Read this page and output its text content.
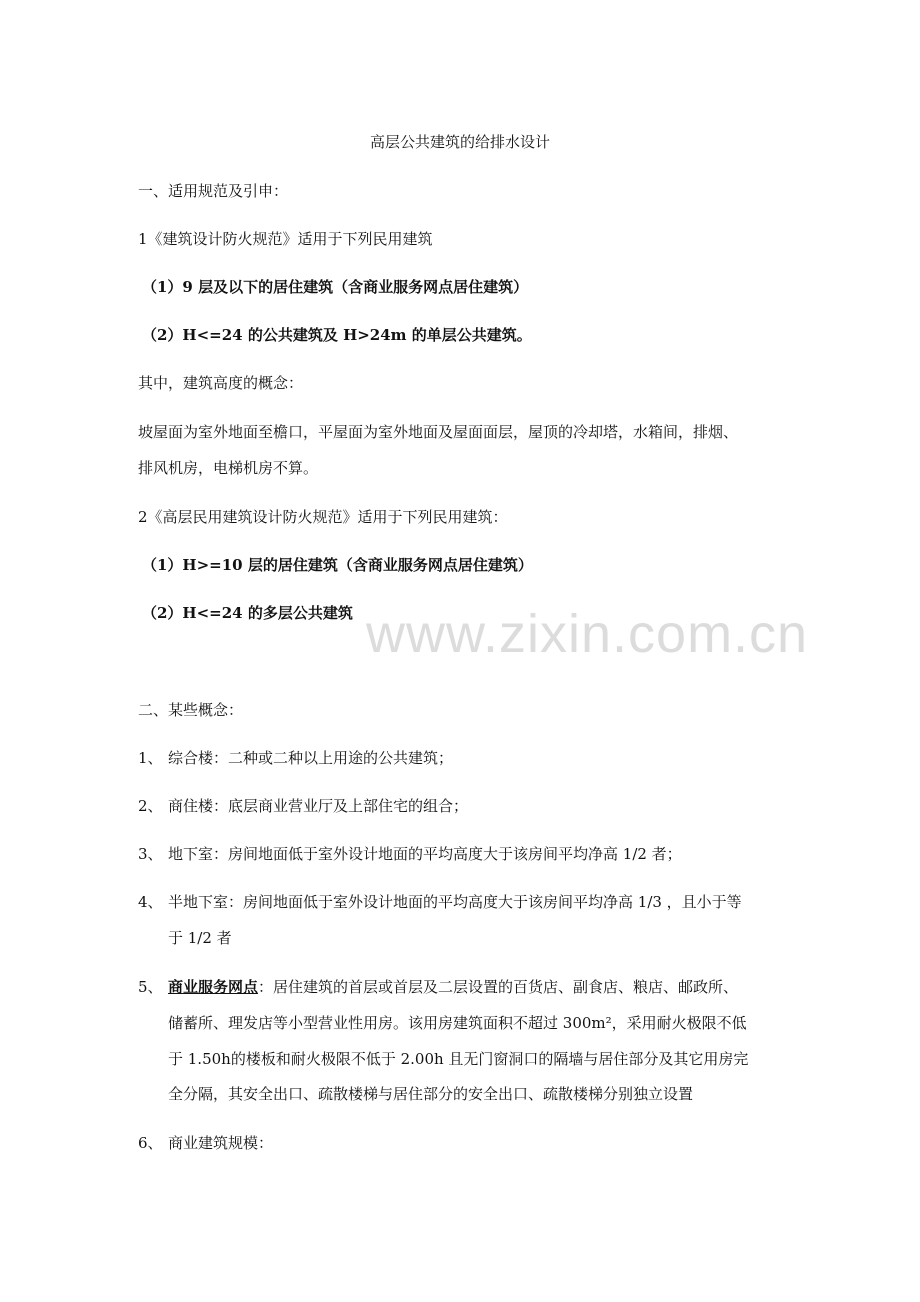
www.zixin.com.cn
高层公共建筑的给排水设计
一、适用规范及引申：
1《建筑设计防火规范》适用于下列民用建筑
（1）9 层及以下的居住建筑（含商业服务网点居住建筑）
（2）H<=24 的公共建筑及 H>24m 的单层公共建筑。
其中，建筑高度的概念：
坡屋面为室外地面至檐口，平屋面为室外地面及屋面面层，屋顶的冷却塔，水箱间，排烟、
排风机房，电梯机房不算。
2《高层民用建筑设计防火规范》适用于下列民用建筑：
（1）H>=10 层的居住建筑（含商业服务网点居住建筑）
（2）H<=24 的多层公共建筑
二、某些概念：
1、 综合楼：二种或二种以上用途的公共建筑；
2、 商住楼：底层商业营业厅及上部住宅的组合；
3、 地下室：房间地面低于室外设计地面的平均高度大于该房间平均净高 1/2 者；
4、 半地下室：房间地面低于室外设计地面的平均高度大于该房间平均净高 1/3 ，且小于等
于 1/2 者
5、 商业服务网点：居住建筑的首层或首层及二层设置的百货店、副食店、粮店、邮政所、
储蓄所、理发店等小型营业性用房。该用房建筑面积不超过 300m²，采用耐火极限不低
于 1.50h的楼板和耐火极限不低于 2.00h 且无门窗洞口的隔墙与居住部分及其它用房完
全分隔，其安全出口、疏散楼梯与居住部分的安全出口、疏散楼梯分别独立设置
6、 商业建筑规模：
